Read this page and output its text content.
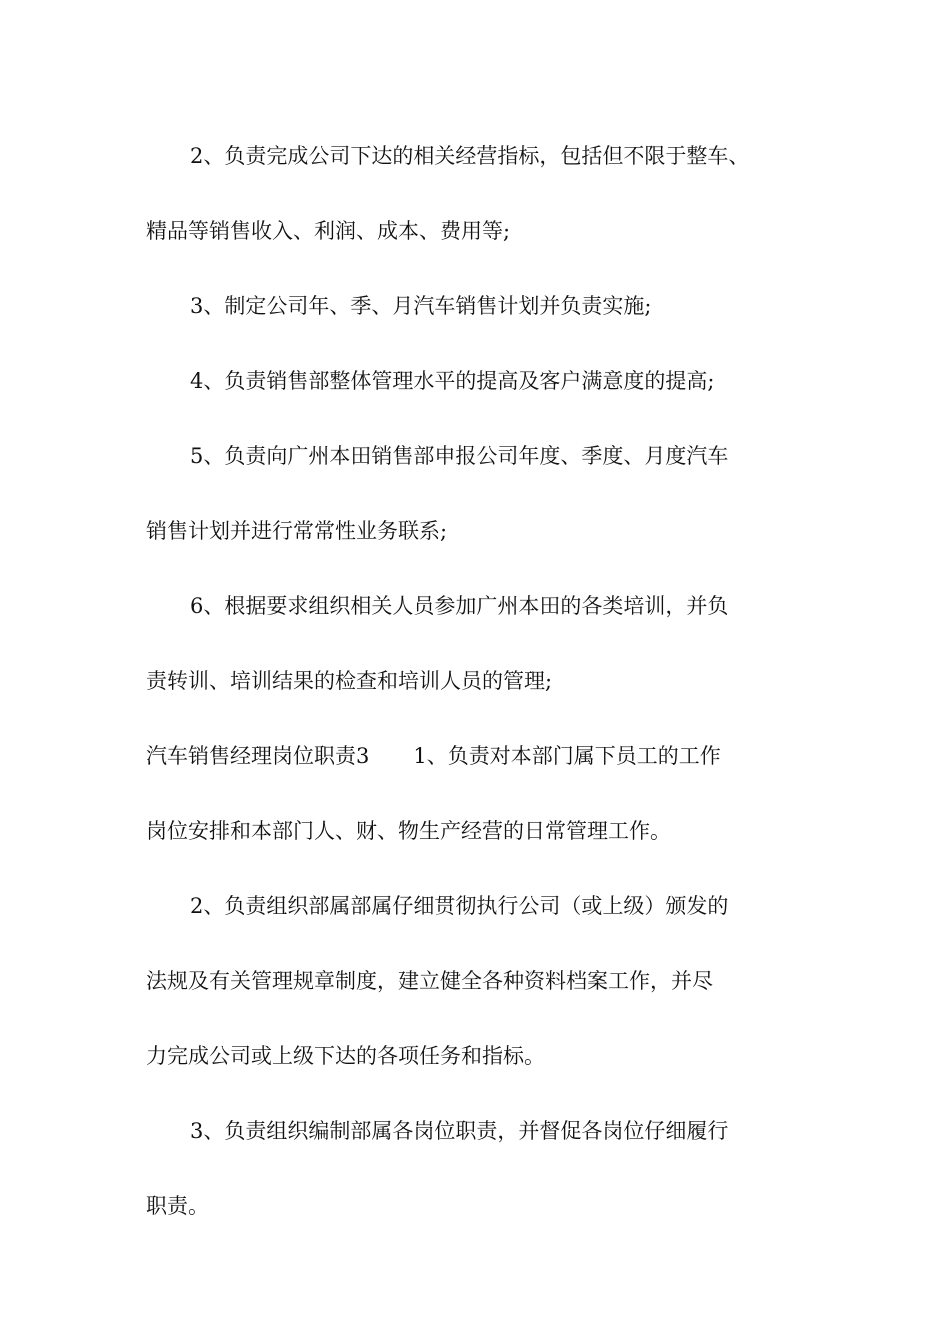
2、负责完成公司下达的相关经营指标，包括但不限于整车、
精品等销售收入、利润、成本、费用等;
3、制定公司年、季、月汽车销售计划并负责实施;
4、负责销售部整体管理水平的提高及客户满意度的提高;
5、负责向广州本田销售部申报公司年度、季度、月度汽车
销售计划并进行常常性业务联系;
6、根据要求组织相关人员参加广州本田的各类培训，并负
责转训、培训结果的检查和培训人员的管理;
汽车销售经理岗位职责3 1、负责对本部门属下员工的工作
岗位安排和本部门人、财、物生产经营的日常管理工作。
2、负责组织部属部属仔细贯彻执行公司（或上级）颁发的
法规及有关管理规章制度，建立健全各种资料档案工作，并尽
力完成公司或上级下达的各项任务和指标。
3、负责组织编制部属各岗位职责，并督促各岗位仔细履行
职责。
